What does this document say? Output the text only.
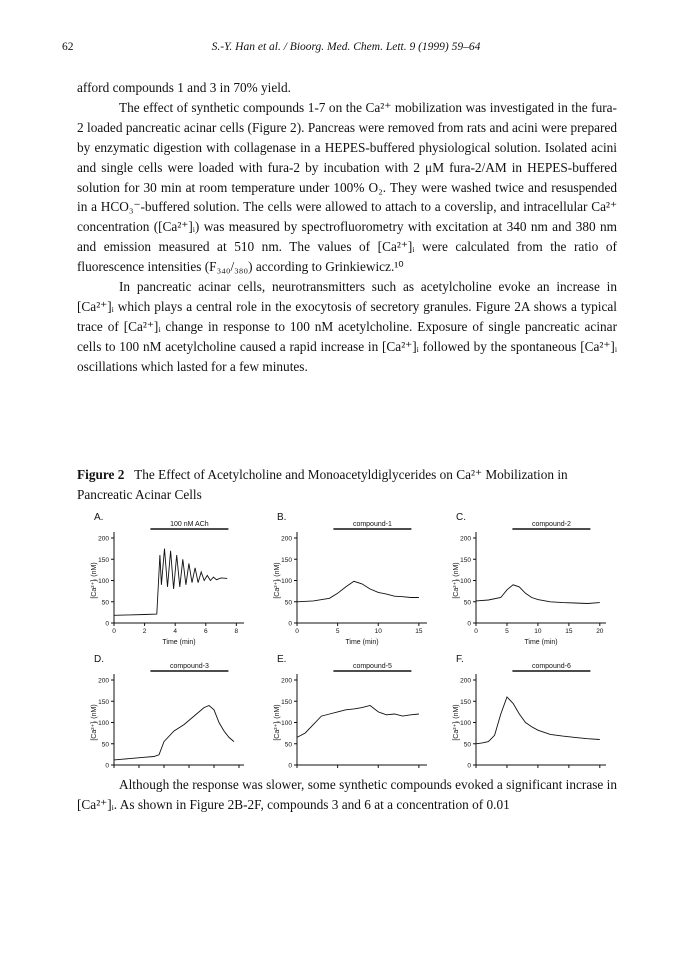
62	S.-Y. Han et al. / Bioorg. Med. Chem. Lett. 9 (1999) 59–64

afford compounds 1 and 3 in 70% yield.

The effect of synthetic compounds 1-7 on the Ca²⁺ mobilization was investigated in the fura-2 loaded pancreatic acinar cells (Figure 2). Pancreas were removed from rats and acini were prepared by enzymatic digestion with collagenase in a HEPES-buffered physiological solution. Isolated acini and single cells were loaded with fura-2 by incubation with 2 μM fura-2/AM in HEPES-buffered solution for 30 min at room temperature under 100% O₂. They were washed twice and resuspended in a HCO₃⁻-buffered solution. The cells were allowed to attach to a coverslip, and intracellular Ca²⁺ concentration ([Ca²⁺]ᵢ) was measured by spectrofluorometry with excitation at 340 nm and 380 nm and emission measured at 510 nm. The values of [Ca²⁺]ᵢ were calculated from the ratio of fluorescence intensities (F₃₄₀/₃₈₀) according to Grinkiewicz.¹⁰

In pancreatic acinar cells, neurotransmitters such as acetylcholine evoke an increase in [Ca²⁺]ᵢ which plays a central role in the exocytosis of secretory granules. Figure 2A shows a typical trace of [Ca²⁺]ᵢ change in response to 100 nM acetylcholine. Exposure of single pancreatic acinar cells to 100 nM acetylcholine caused a rapid increase in [Ca²⁺]ᵢ followed by the spontaneous [Ca²⁺]ᵢ oscillations which lasted for a few minutes.

Figure 2 The Effect of Acetylcholine and Monoacetyldiglycerides on Ca²⁺ Mobilization in Pancreatic Acinar Cells
A.
0
50
100
150
200
0	2	4	6	8
Time (min)
[Ca²⁺]ᵢ (nM)
100 nM ACh
B.
0
50
100
150
200
0	5	10	15
Time (min)
[Ca²⁺]ᵢ (nM)
compound-1
C.
0
50
100
150
200
0	5	10	15	20
Time (min)
[Ca²⁺]ᵢ (nM)
compound-2
D.
0
50
100
150
200
[Ca²⁺]ᵢ (nM)
compound-3
E.
0
50
100
150
200
[Ca²⁺]ᵢ (nM)
compound-5
F.
0
50
100
150
200
[Ca²⁺]ᵢ (nM)
compound-6

Although the response was slower, some synthetic compounds evoked a significant incrase in [Ca²⁺]ᵢ. As shown in Figure 2B-2F, compounds 3 and 6 at a concentration of 0.01
